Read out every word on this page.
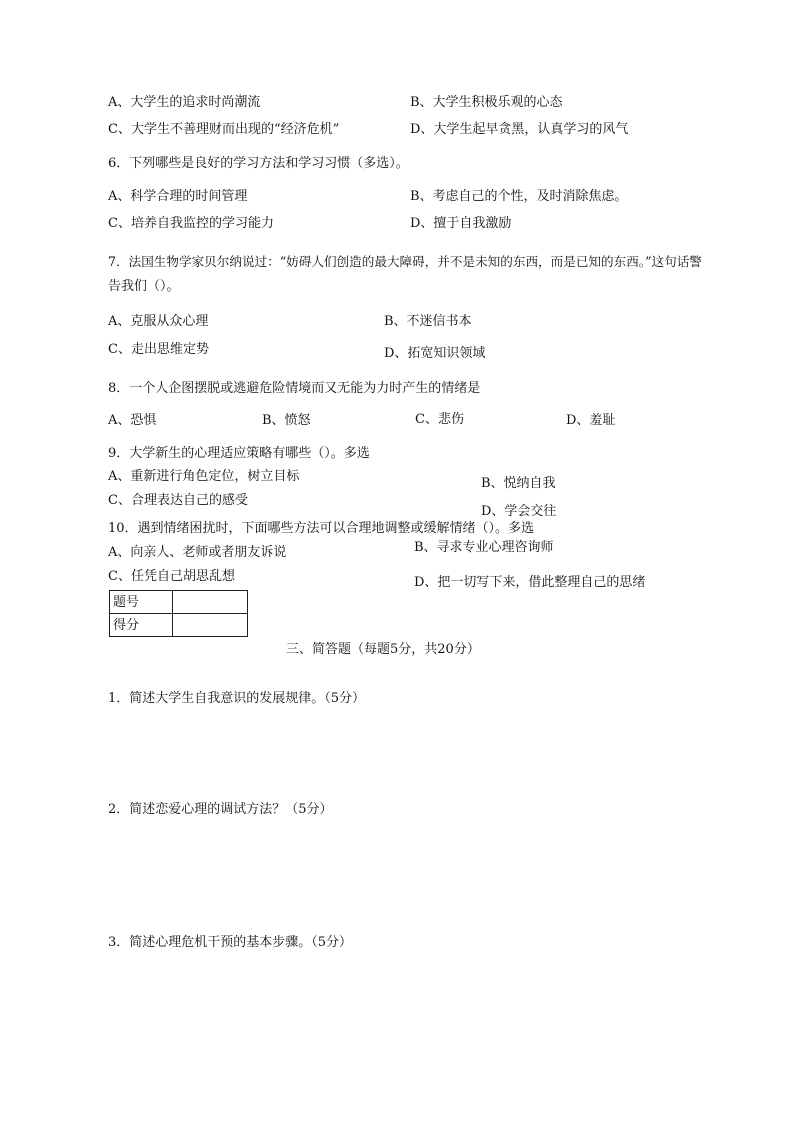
A、大学生的追求时尚潮流	B、大学生积极乐观的心态
C、大学生不善理财而出现的“经济危机”	D、大学生起早贪黑，认真学习的风气
6．下列哪些是良好的学习方法和学习习惯（多选）。
A、科学合理的时间管理	B、考虑自己的个性，及时消除焦虑。
C、培养自我监控的学习能力	D、擅于自我激励
7．法国生物学家贝尔纳说过：“妨碍人们创造的最大障碍，并不是未知的东西，而是已知的东西。”这句话警
告我们（）。
A、克服从众心理	B、不迷信书本
C、走出思维定势	D、拓宽知识领域
8．一个人企图摆脱或逃避危险情境而又无能为力时产生的情绪是
A、恐惧	B、愤怒	C、悲伤	D、羞耻
9．大学新生的心理适应策略有哪些（）。多选
A、重新进行角色定位，树立目标	B、悦纳自我
C、合理表达自己的感受
D、学会交往
10．遇到情绪困扰时，下面哪些方法可以合理地调整或缓解情绪（）。多选
A、向亲人、老师或者朋友诉说	B、寻求专业心理咨询师
C、任凭自己胡思乱想	D、把一切写下来，借此整理自己的思绪
题号	
得分	
三、简答题（每题5分，共20分）
1．简述大学生自我意识的发展规律。（5分）
2．简述恋爱心理的调试方法？（5分）
3．简述心理危机干预的基本步骤。（5分）
